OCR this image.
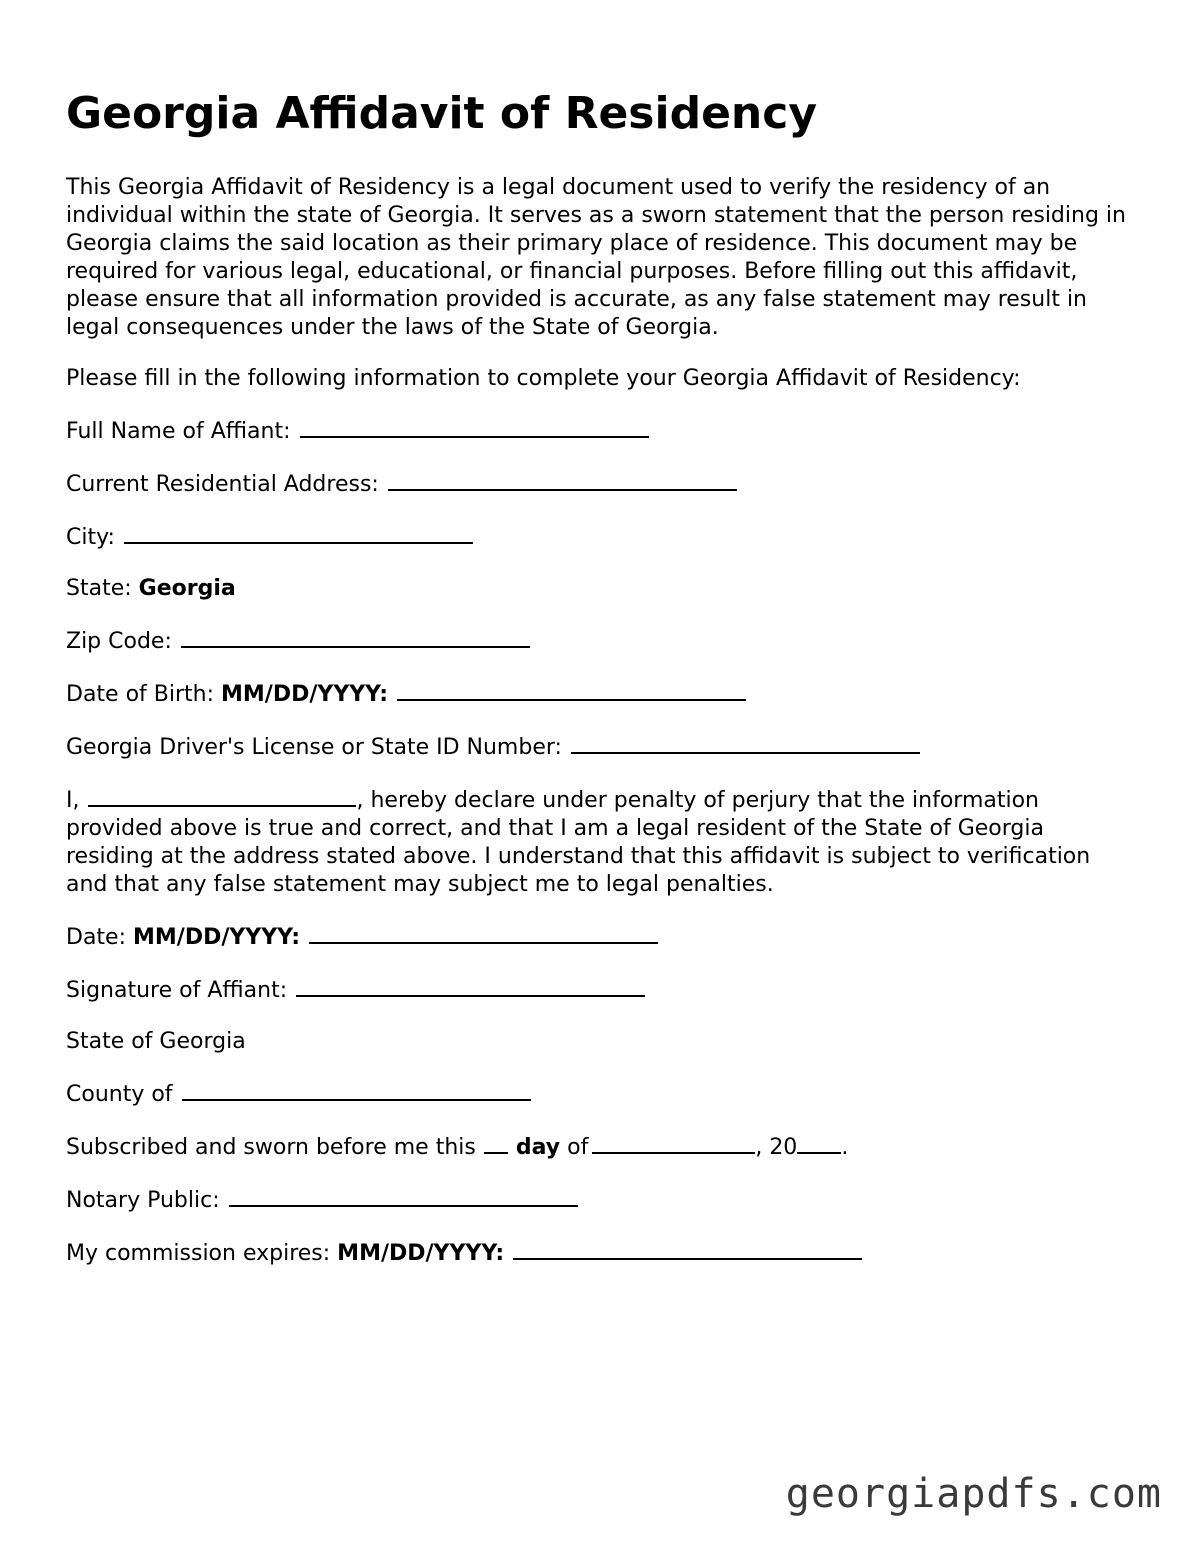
Georgia Affidavit of Residency

This Georgia Affidavit of Residency is a legal document used to verify the residency of an individual within the state of Georgia. It serves as a sworn statement that the person residing in Georgia claims the said location as their primary place of residence. This document may be required for various legal, educational, or financial purposes. Before filling out this affidavit, please ensure that all information provided is accurate, as any false statement may result in legal consequences under the laws of the State of Georgia.

Please fill in the following information to complete your Georgia Affidavit of Residency:

Full Name of Affiant:
Current Residential Address:
City:
State: Georgia
Zip Code:
Date of Birth: MM/DD/YYYY:
Georgia Driver's License or State ID Number:

I,	, hereby declare under penalty of perjury that the information provided above is true and correct, and that I am a legal resident of the State of Georgia residing at the address stated above. I understand that this affidavit is subject to verification and that any false statement may subject me to legal penalties.

Date: MM/DD/YYYY:
Signature of Affiant:
State of Georgia
County of
Subscribed and sworn before me this day of	, 20 .
Notary Public:
My commission expires: MM/DD/YYYY:
georgiapdfs.com
